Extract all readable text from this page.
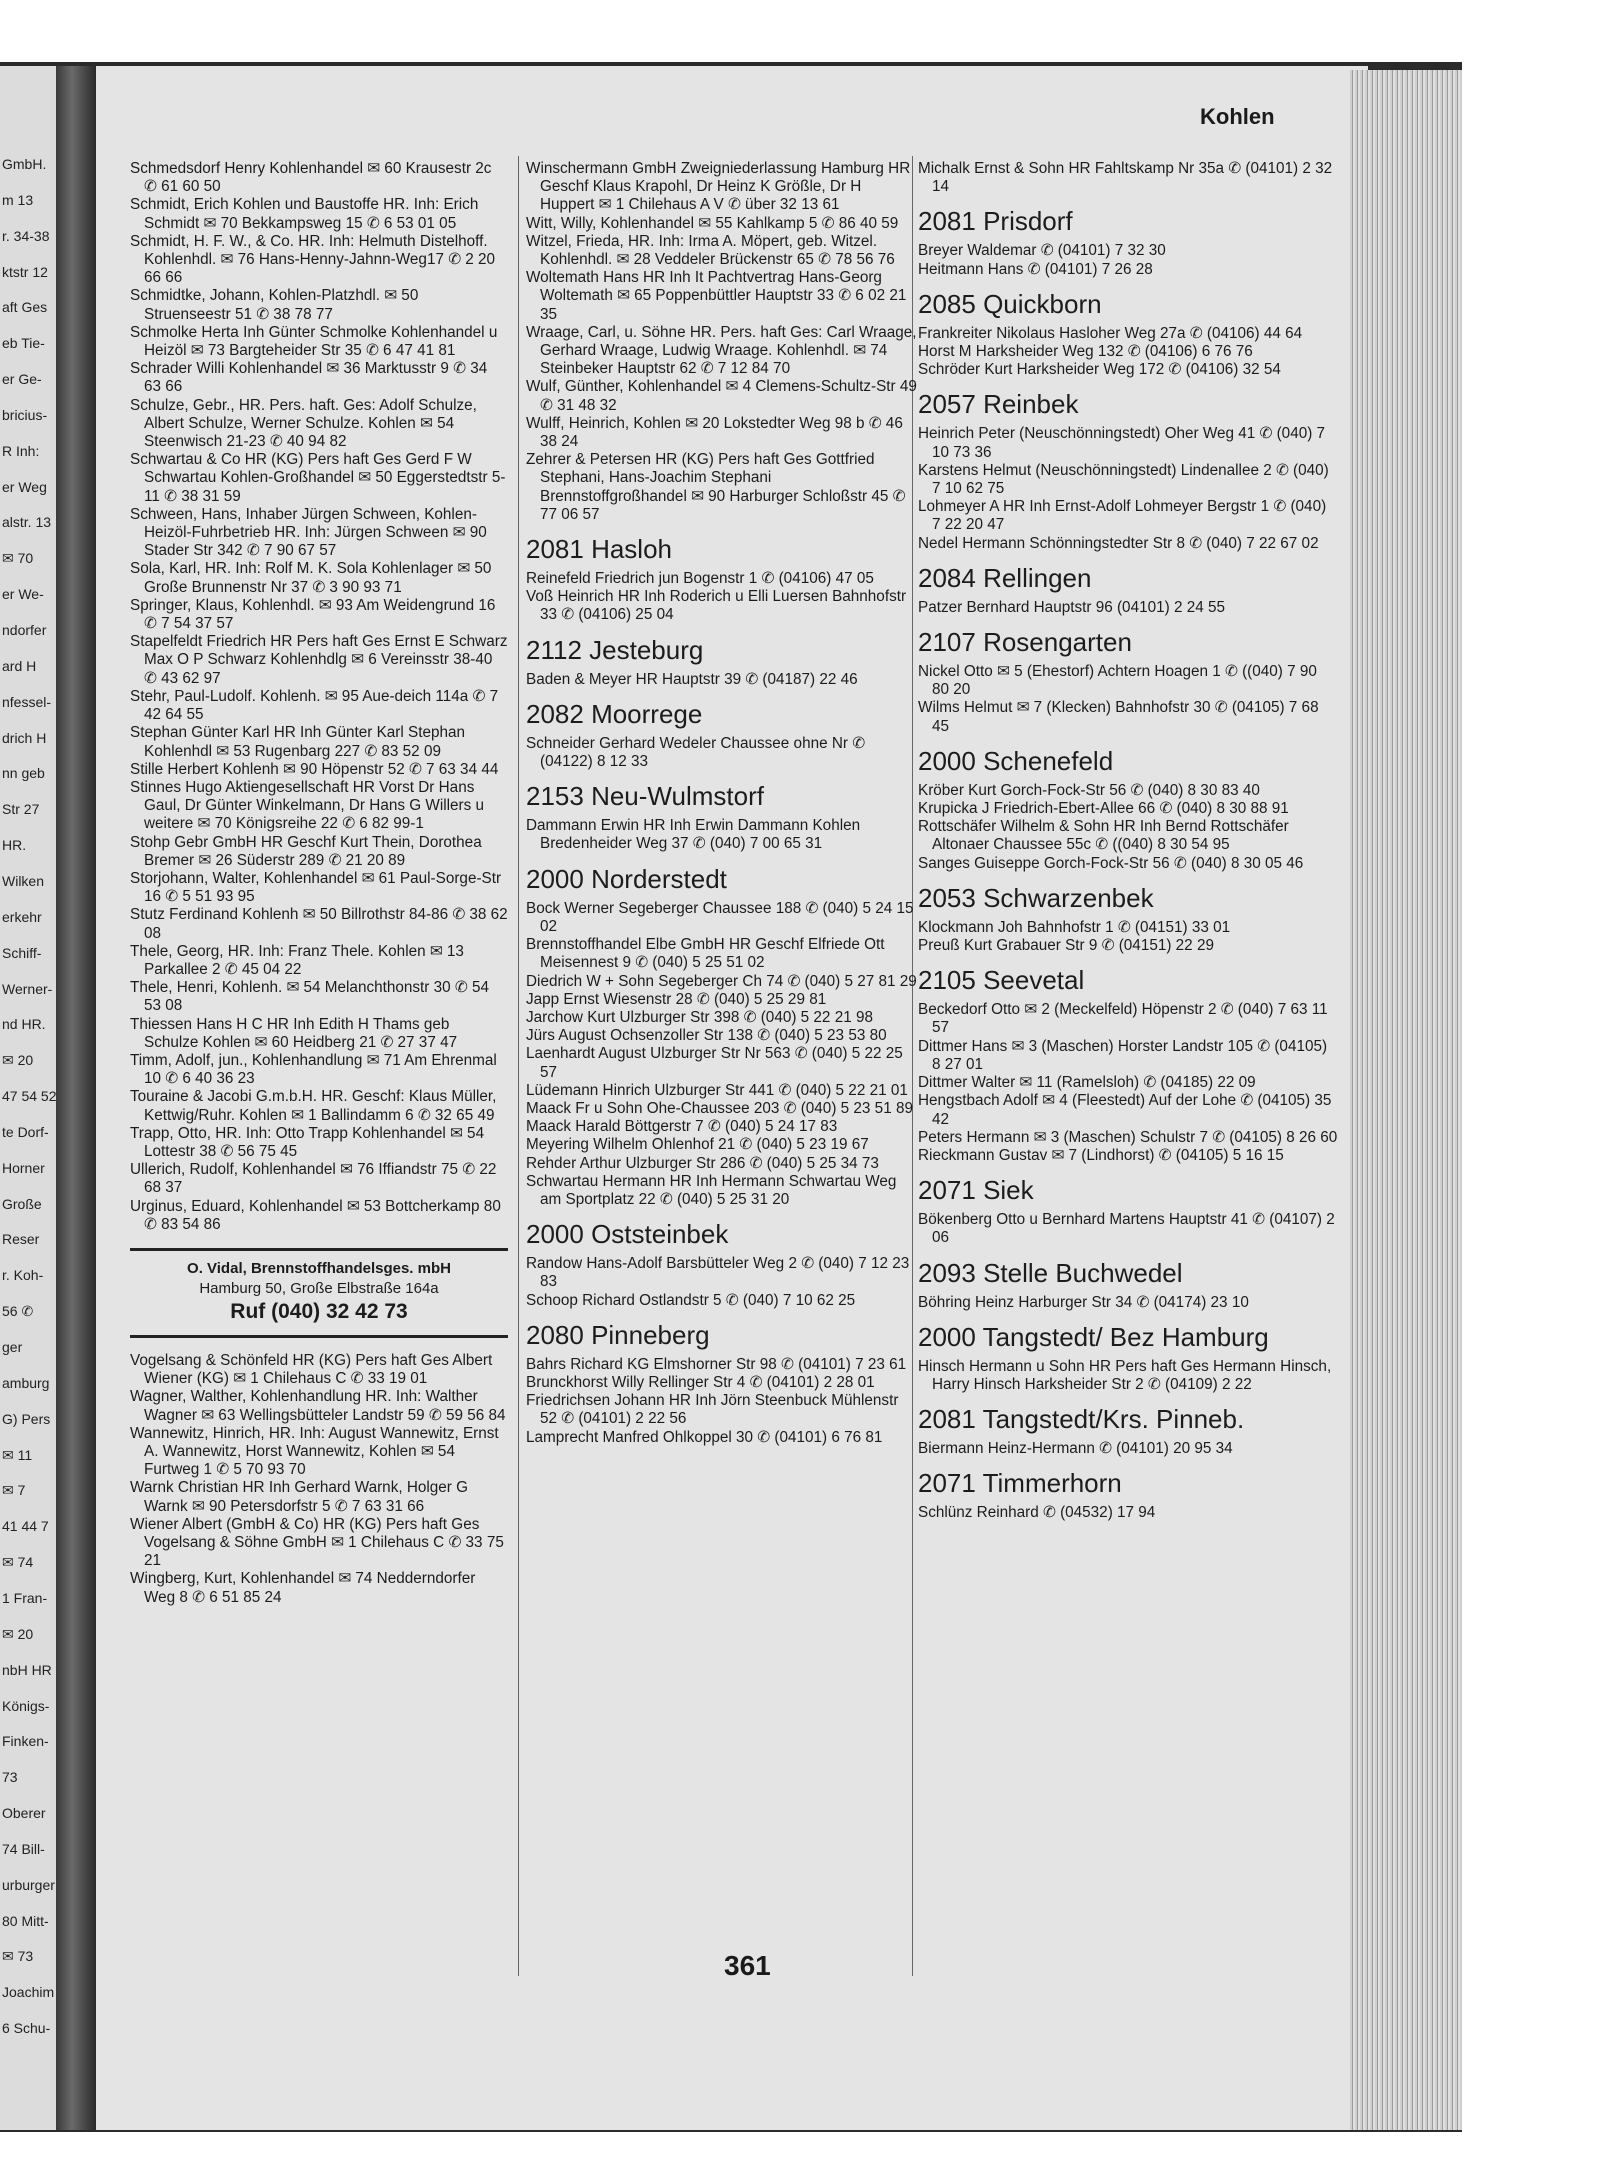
GmbH.
m 13
r. 34-38
ktstr 12
aft Ges
eb Tie-
er Ge-
bricius-
R Inh:
er Weg
alstr. 13
✉ 70
er We-
ndorfer
ard H
nfessel-
drich H
nn geb
Str 27
HR.
Wilken
erkehr
Schiff-
Werner-
nd HR.
✉ 20
47 54 52
te Dorf-
Horner
Große
Reser
r. Koh-
56 ✆
ger
amburg
G) Pers
✉ 11
✉ 7
41 44 7
✉ 74
1 Fran-
✉ 20
nbH HR
Königs-
Finken-
73
Oberer
74 Bill-
urburger
80 Mitt-
✉ 73
Joachim
6 Schu-
Kohlen

Schmedsdorf Henry Kohlenhandel ✉ 60 Krausestr 2c ✆ 61 60 50

Schmidt, Erich Kohlen und Baustoffe HR. Inh: Erich Schmidt ✉ 70 Bekkampsweg 15 ✆ 6 53 01 05

Schmidt, H. F. W., & Co. HR. Inh: Helmuth Distelhoff. Kohlenhdl. ✉ 76 Hans-Henny-Jahnn-Weg17 ✆ 2 20 66 66

Schmidtke, Johann, Kohlen-Platzhdl. ✉ 50 Struenseestr 51 ✆ 38 78 77

Schmolke Herta Inh Günter Schmolke Kohlenhandel u Heizöl ✉ 73 Bargteheider Str 35 ✆ 6 47 41 81

Schrader Willi Kohlenhandel ✉ 36 Marktusstr 9 ✆ 34 63 66

Schulze, Gebr., HR. Pers. haft. Ges: Adolf Schulze, Albert Schulze, Werner Schulze. Kohlen ✉ 54 Steenwisch 21-23 ✆ 40 94 82

Schwartau & Co HR (KG) Pers haft Ges Gerd F W Schwartau Kohlen-Großhandel ✉ 50 Eggerstedtstr 5-11 ✆ 38 31 59

Schween, Hans, Inhaber Jürgen Schween, Kohlen-Heizöl-Fuhrbetrieb HR. Inh: Jürgen Schween ✉ 90 Stader Str 342 ✆ 7 90 67 57

Sola, Karl, HR. Inh: Rolf M. K. Sola Kohlenlager ✉ 50 Große Brunnenstr Nr 37 ✆ 3 90 93 71

Springer, Klaus, Kohlenhdl. ✉ 93 Am Weidengrund 16 ✆ 7 54 37 57

Stapelfeldt Friedrich HR Pers haft Ges Ernst E Schwarz Max O P Schwarz Kohlenhdlg ✉ 6 Vereinsstr 38-40 ✆ 43 62 97

Stehr, Paul-Ludolf. Kohlenh. ✉ 95 Aue-deich 114a ✆ 7 42 64 55

Stephan Günter Karl HR Inh Günter Karl Stephan Kohlenhdl ✉ 53 Rugenbarg 227 ✆ 83 52 09

Stille Herbert Kohlenh ✉ 90 Höpenstr 52 ✆ 7 63 34 44

Stinnes Hugo Aktiengesellschaft HR Vorst Dr Hans Gaul, Dr Günter Winkelmann, Dr Hans G Willers u weitere ✉ 70 Königsreihe 22 ✆ 6 82 99-1

Stohp Gebr GmbH HR Geschf Kurt Thein, Dorothea Bremer ✉ 26 Süderstr 289 ✆ 21 20 89

Storjohann, Walter, Kohlenhandel ✉ 61 Paul-Sorge-Str 16 ✆ 5 51 93 95

Stutz Ferdinand Kohlenh ✉ 50 Billrothstr 84-86 ✆ 38 62 08

Thele, Georg, HR. Inh: Franz Thele. Kohlen ✉ 13 Parkallee 2 ✆ 45 04 22

Thele, Henri, Kohlenh. ✉ 54 Melanchthonstr 30 ✆ 54 53 08

Thiessen Hans H C HR Inh Edith H Thams geb Schulze Kohlen ✉ 60 Heidberg 21 ✆ 27 37 47

Timm, Adolf, jun., Kohlenhandlung ✉ 71 Am Ehrenmal 10 ✆ 6 40 36 23

Touraine & Jacobi G.m.b.H. HR. Geschf: Klaus Müller, Kettwig/Ruhr. Kohlen ✉ 1 Ballindamm 6 ✆ 32 65 49

Trapp, Otto, HR. Inh: Otto Trapp Kohlenhandel ✉ 54 Lottestr 38 ✆ 56 75 45

Ullerich, Rudolf, Kohlenhandel ✉ 76 Iffiandstr 75 ✆ 22 68 37

Urginus, Eduard, Kohlenhandel ✉ 53 Bottcherkamp 80 ✆ 83 54 86

O. Vidal, Brennstoffhandelsges. mbH
Hamburg 50, Große Elbstraße 164a
Ruf (040) 32 42 73

Vogelsang & Schönfeld HR (KG) Pers haft Ges Albert Wiener (KG) ✉ 1 Chilehaus C ✆ 33 19 01

Wagner, Walther, Kohlenhandlung HR. Inh: Walther Wagner ✉ 63 Wellingsbütteler Landstr 59 ✆ 59 56 84

Wannewitz, Hinrich, HR. Inh: August Wannewitz, Ernst A. Wannewitz, Horst Wannewitz, Kohlen ✉ 54 Furtweg 1 ✆ 5 70 93 70

Warnk Christian HR Inh Gerhard Warnk, Holger G Warnk ✉ 90 Petersdorfstr 5 ✆ 7 63 31 66

Wiener Albert (GmbH & Co) HR (KG) Pers haft Ges Vogelsang & Söhne GmbH ✉ 1 Chilehaus C ✆ 33 75 21

Wingberg, Kurt, Kohlenhandel ✉ 74 Nedderndorfer Weg 8 ✆ 6 51 85 24

Winschermann GmbH Zweigniederlassung Hamburg HR Geschf Klaus Krapohl, Dr Heinz K Größle, Dr H Huppert ✉ 1 Chilehaus A V ✆ über 32 13 61

Witt, Willy, Kohlenhandel ✉ 55 Kahlkamp 5 ✆ 86 40 59

Witzel, Frieda, HR. Inh: Irma A. Möpert, geb. Witzel. Kohlenhdl. ✉ 28 Veddeler Brückenstr 65 ✆ 78 56 76

Woltemath Hans HR Inh It Pachtvertrag Hans-Georg Woltemath ✉ 65 Poppenbüttler Hauptstr 33 ✆ 6 02 21 35

Wraage, Carl, u. Söhne HR. Pers. haft Ges: Carl Wraage, Gerhard Wraage, Ludwig Wraage. Kohlenhdl. ✉ 74 Steinbeker Hauptstr 62 ✆ 7 12 84 70

Wulf, Günther, Kohlenhandel ✉ 4 Clemens-Schultz-Str 49 ✆ 31 48 32

Wulff, Heinrich, Kohlen ✉ 20 Lokstedter Weg 98 b ✆ 46 38 24

Zehrer & Petersen HR (KG) Pers haft Ges Gottfried Stephani, Hans-Joachim Stephani Brennstoffgroßhandel ✉ 90 Harburger Schloßstr 45 ✆ 77 06 57

2081 Hasloh

Reinefeld Friedrich jun Bogenstr 1 ✆ (04106) 47 05

Voß Heinrich HR Inh Roderich u Elli Luersen Bahnhofstr 33 ✆ (04106) 25 04

2112 Jesteburg

Baden & Meyer HR Hauptstr 39 ✆ (04187) 22 46

2082 Moorrege

Schneider Gerhard Wedeler Chaussee ohne Nr ✆ (04122) 8 12 33

2153 Neu-Wulmstorf

Dammann Erwin HR Inh Erwin Dammann Kohlen Bredenheider Weg 37 ✆ (040) 7 00 65 31

2000 Norderstedt

Bock Werner Segeberger Chaussee 188 ✆ (040) 5 24 15 02

Brennstoffhandel Elbe GmbH HR Geschf Elfriede Ott Meisennest 9 ✆ (040) 5 25 51 02

Diedrich W + Sohn Segeberger Ch 74 ✆ (040) 5 27 81 29

Japp Ernst Wiesenstr 28 ✆ (040) 5 25 29 81

Jarchow Kurt Ulzburger Str 398 ✆ (040) 5 22 21 98

Jürs August Ochsenzoller Str 138 ✆ (040) 5 23 53 80

Laenhardt August Ulzburger Str Nr 563 ✆ (040) 5 22 25 57

Lüdemann Hinrich Ulzburger Str 441 ✆ (040) 5 22 21 01

Maack Fr u Sohn Ohe-Chaussee 203 ✆ (040) 5 23 51 89

Maack Harald Böttgerstr 7 ✆ (040) 5 24 17 83

Meyering Wilhelm Ohlenhof 21 ✆ (040) 5 23 19 67

Rehder Arthur Ulzburger Str 286 ✆ (040) 5 25 34 73

Schwartau Hermann HR Inh Hermann Schwartau Weg am Sportplatz 22 ✆ (040) 5 25 31 20

2000 Oststeinbek

Randow Hans-Adolf Barsbütteler Weg 2 ✆ (040) 7 12 23 83

Schoop Richard Ostlandstr 5 ✆ (040) 7 10 62 25

2080 Pinneberg

Bahrs Richard KG Elmshorner Str 98 ✆ (04101) 7 23 61

Brunckhorst Willy Rellinger Str 4 ✆ (04101) 2 28 01

Friedrichsen Johann HR Inh Jörn Steenbuck Mühlenstr 52 ✆ (04101) 2 22 56

Lamprecht Manfred Ohlkoppel 30 ✆ (04101) 6 76 81

Michalk Ernst & Sohn HR Fahltskamp Nr 35a ✆ (04101) 2 32 14

2081 Prisdorf

Breyer Waldemar ✆ (04101) 7 32 30

Heitmann Hans ✆ (04101) 7 26 28

2085 Quickborn

Frankreiter Nikolaus Hasloher Weg 27a ✆ (04106) 44 64

Horst M Harksheider Weg 132 ✆ (04106) 6 76 76

Schröder Kurt Harksheider Weg 172 ✆ (04106) 32 54

2057 Reinbek

Heinrich Peter (Neuschönningstedt) Oher Weg 41 ✆ (040) 7 10 73 36

Karstens Helmut (Neuschönningstedt) Lindenallee 2 ✆ (040) 7 10 62 75

Lohmeyer A HR Inh Ernst-Adolf Lohmeyer Bergstr 1 ✆ (040) 7 22 20 47

Nedel Hermann Schönningstedter Str 8 ✆ (040) 7 22 67 02

2084 Rellingen

Patzer Bernhard Hauptstr 96 (04101) 2 24 55

2107 Rosengarten

Nickel Otto ✉ 5 (Ehestorf) Achtern Hoagen 1 ✆ ((040) 7 90 80 20

Wilms Helmut ✉ 7 (Klecken) Bahnhofstr 30 ✆ (04105) 7 68 45

2000 Schenefeld

Kröber Kurt Gorch-Fock-Str 56 ✆ (040) 8 30 83 40

Krupicka J Friedrich-Ebert-Allee 66 ✆ (040) 8 30 88 91

Rottschäfer Wilhelm & Sohn HR Inh Bernd Rottschäfer Altonaer Chaussee 55c ✆ ((040) 8 30 54 95

Sanges Guiseppe Gorch-Fock-Str 56 ✆ (040) 8 30 05 46

2053 Schwarzenbek

Klockmann Joh Bahnhofstr 1 ✆ (04151) 33 01

Preuß Kurt Grabauer Str 9 ✆ (04151) 22 29

2105 Seevetal

Beckedorf Otto ✉ 2 (Meckelfeld) Höpenstr 2 ✆ (040) 7 63 11 57

Dittmer Hans ✉ 3 (Maschen) Horster Landstr 105 ✆ (04105) 8 27 01

Dittmer Walter ✉ 11 (Ramelsloh) ✆ (04185) 22 09

Hengstbach Adolf ✉ 4 (Fleestedt) Auf der Lohe ✆ (04105) 35 42

Peters Hermann ✉ 3 (Maschen) Schulstr 7 ✆ (04105) 8 26 60

Rieckmann Gustav ✉ 7 (Lindhorst) ✆ (04105) 5 16 15

2071 Siek

Bökenberg Otto u Bernhard Martens Hauptstr 41 ✆ (04107) 2 06

2093 Stelle Buchwedel

Böhring Heinz Harburger Str 34 ✆ (04174) 23 10

2000 Tangstedt/ Bez Hamburg

Hinsch Hermann u Sohn HR Pers haft Ges Hermann Hinsch, Harry Hinsch Harksheider Str 2 ✆ (04109) 2 22

2081 Tangstedt/Krs. Pinneb.

Biermann Heinz-Hermann ✆ (04101) 20 95 34

2071 Timmerhorn

Schlünz Reinhard ✆ (04532) 17 94

361
